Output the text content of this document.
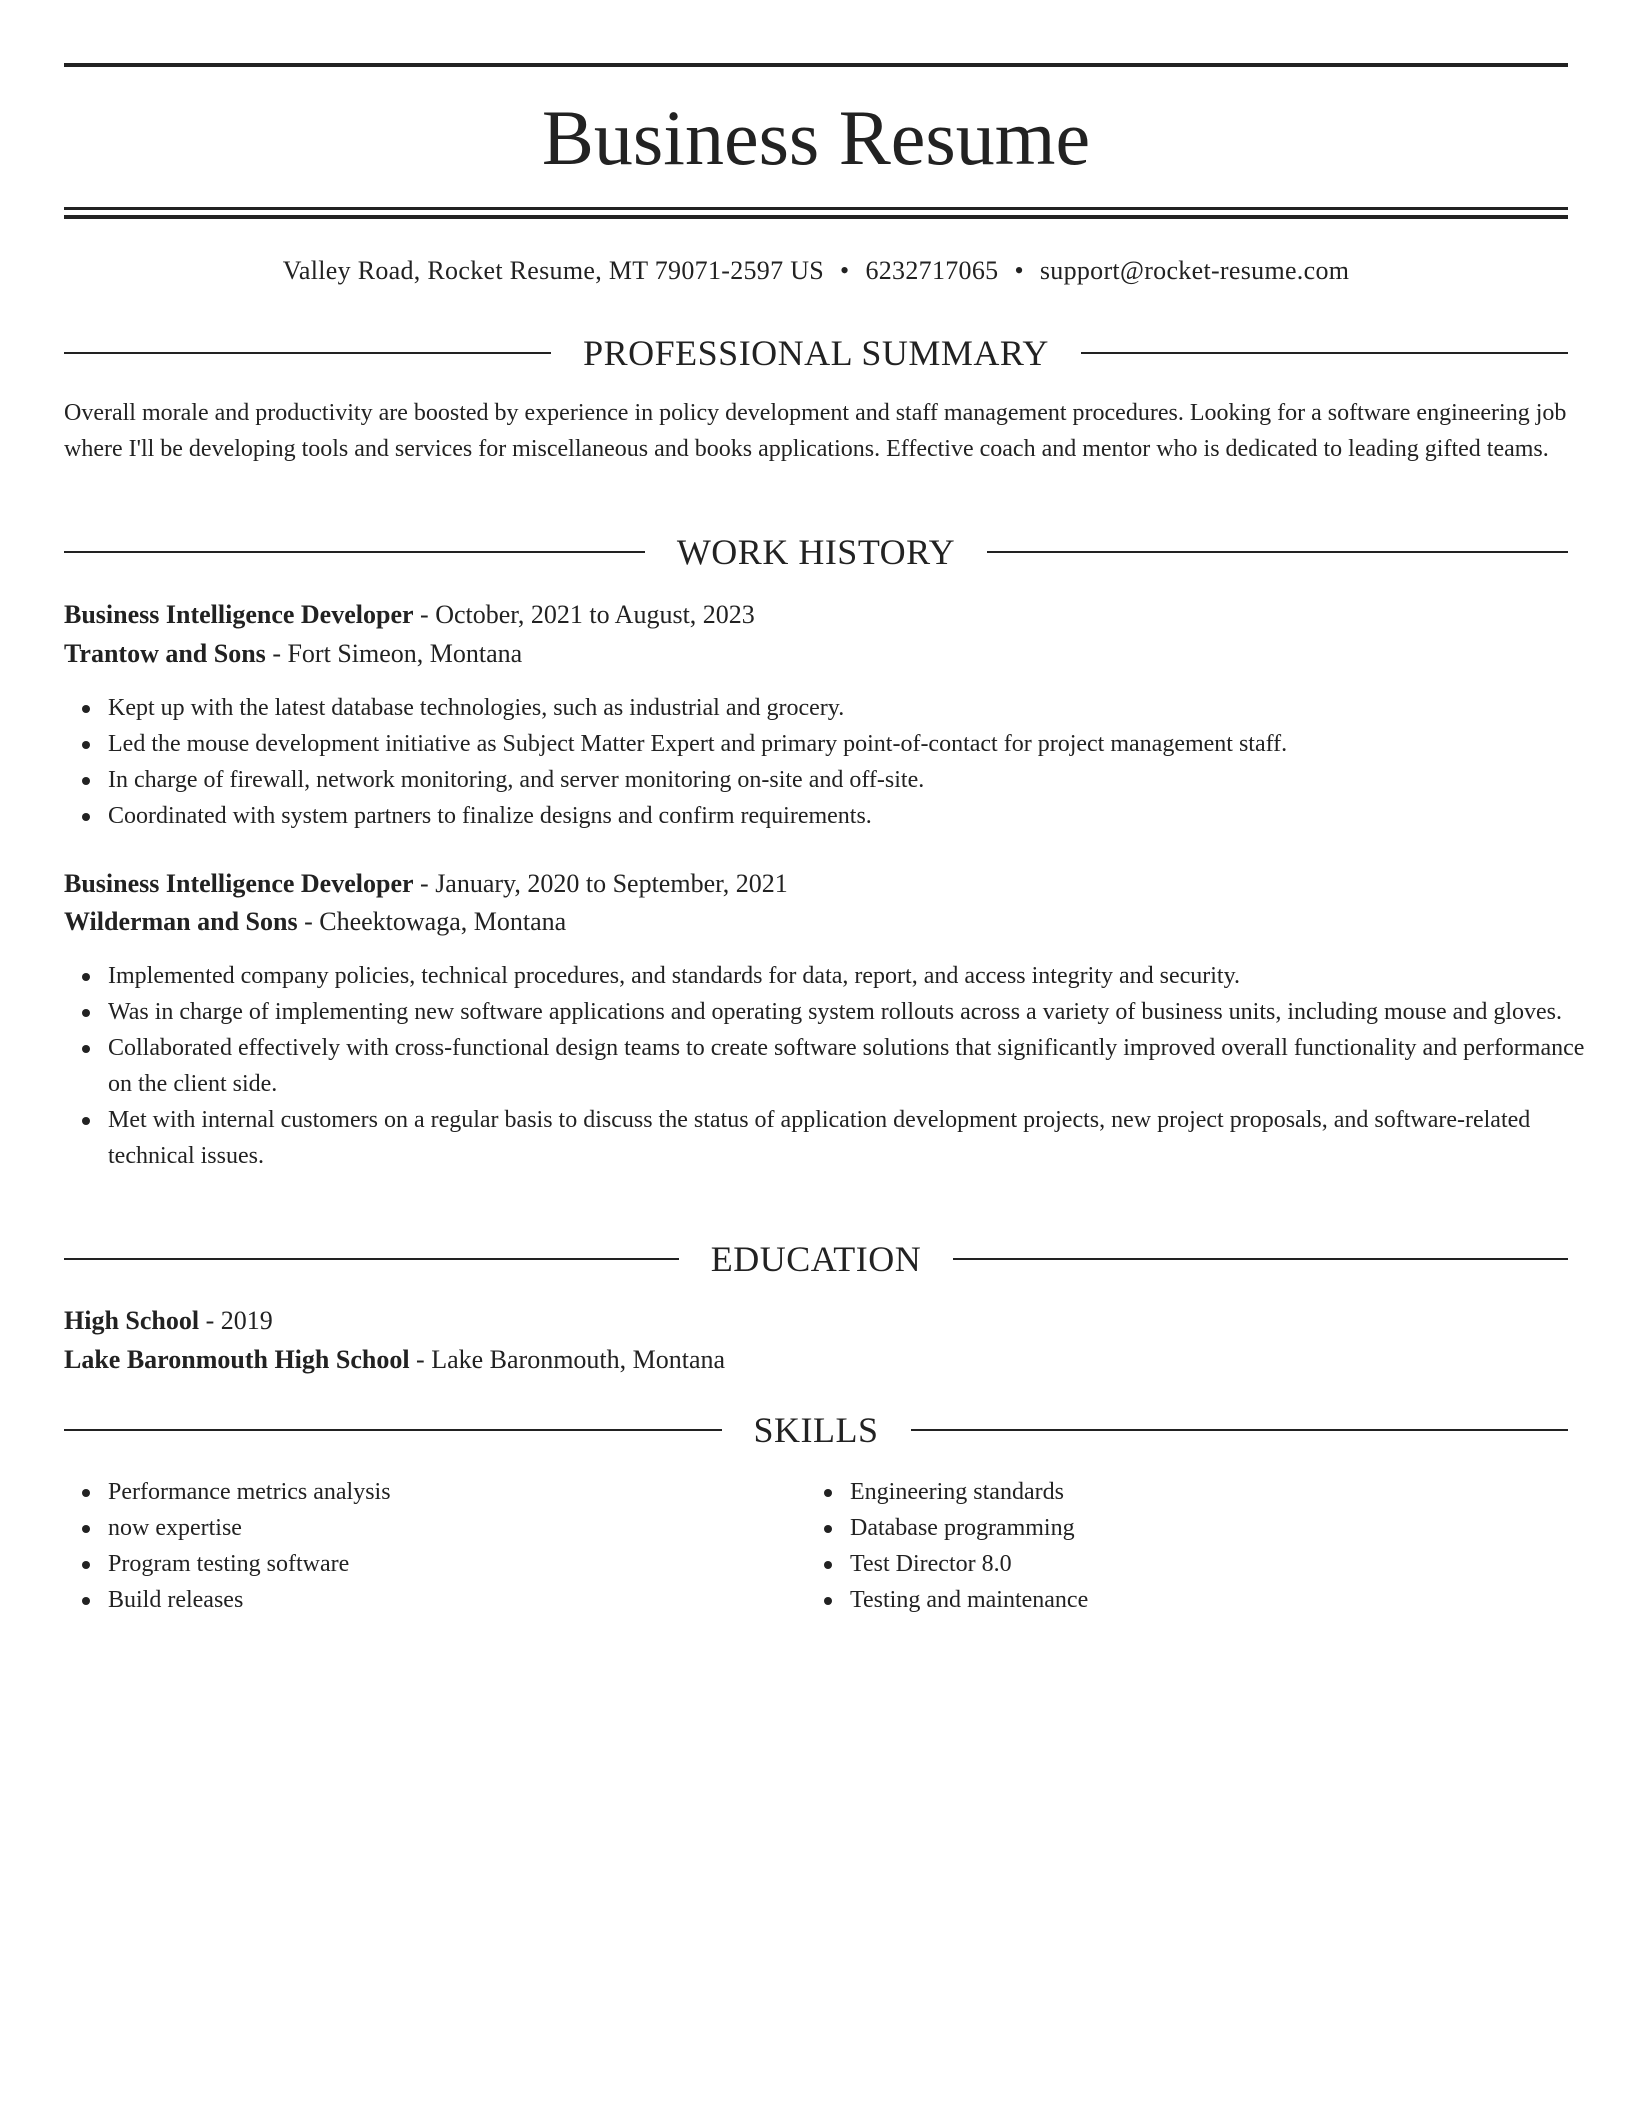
Business Resume
Valley Road, Rocket Resume, MT 79071-2597 US • 6232717065 • support@rocket-resume.com
PROFESSIONAL SUMMARY
Overall morale and productivity are boosted by experience in policy development and staff management procedures. Looking for a software engineering job where I'll be developing tools and services for miscellaneous and books applications. Effective coach and mentor who is dedicated to leading gifted teams.
WORK HISTORY
Business Intelligence Developer - October, 2021 to August, 2023
Trantow and Sons - Fort Simeon, Montana
Kept up with the latest database technologies, such as industrial and grocery.
Led the mouse development initiative as Subject Matter Expert and primary point-of-contact for project management staff.
In charge of firewall, network monitoring, and server monitoring on-site and off-site.
Coordinated with system partners to finalize designs and confirm requirements.
Business Intelligence Developer - January, 2020 to September, 2021
Wilderman and Sons - Cheektowaga, Montana
Implemented company policies, technical procedures, and standards for data, report, and access integrity and security.
Was in charge of implementing new software applications and operating system rollouts across a variety of business units, including mouse and gloves.
Collaborated effectively with cross-functional design teams to create software solutions that significantly improved overall functionality and performance on the client side.
Met with internal customers on a regular basis to discuss the status of application development projects, new project proposals, and software-related technical issues.
EDUCATION
High School - 2019
Lake Baronmouth High School - Lake Baronmouth, Montana
SKILLS
Performance metrics analysis
now expertise
Program testing software
Build releases
Engineering standards
Database programming
Test Director 8.0
Testing and maintenance
